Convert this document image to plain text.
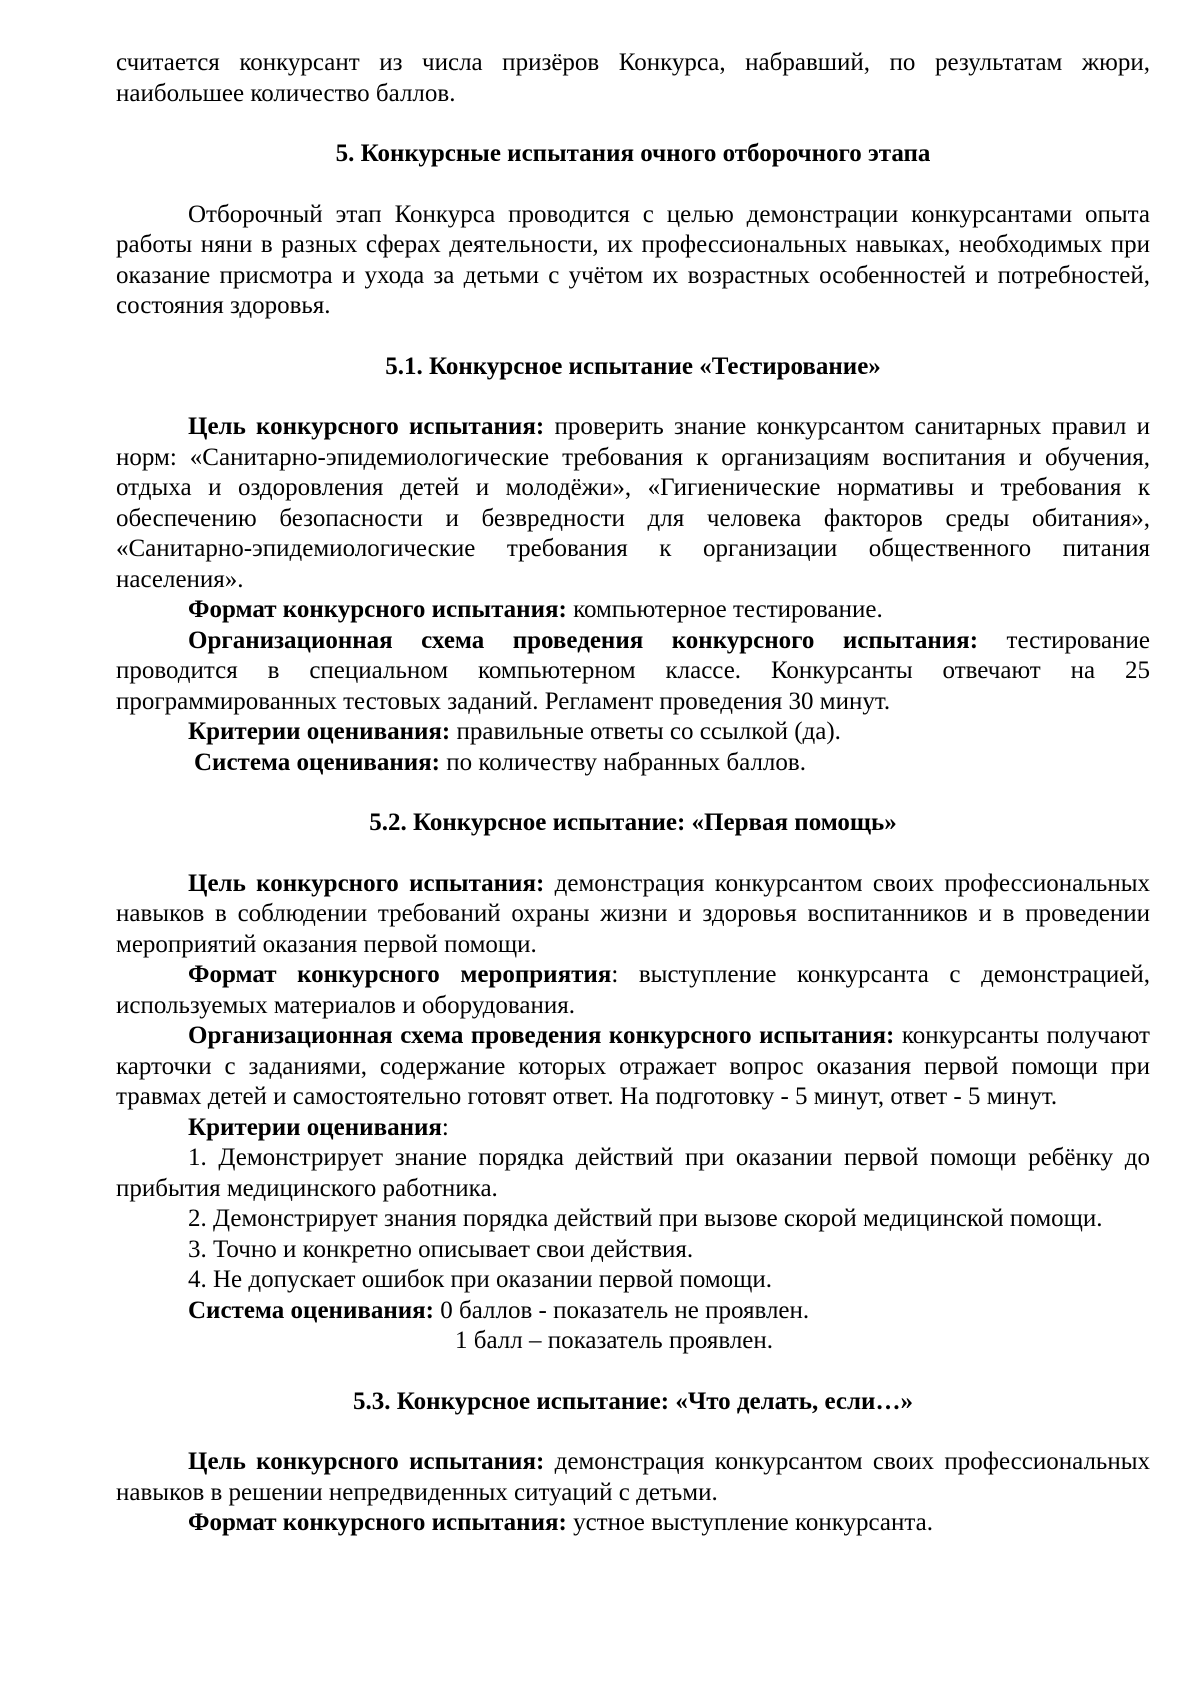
считается конкурсант из числа призёров Конкурса, набравший, по результатам жюри, наибольшее количество баллов.

5. Конкурсные испытания очного отборочного этапа

Отборочный этап Конкурса проводится с целью демонстрации конкурсантами опыта работы няни в разных сферах деятельности, их профессиональных навыках, необходимых при оказание присмотра и ухода за детьми с учётом их возрастных особенностей и потребностей, состояния здоровья.

5.1. Конкурсное испытание «Тестирование»

Цель конкурсного испытания: проверить знание конкурсантом санитарных правил и норм: «Санитарно-эпидемиологические требования к организациям воспитания и обучения, отдыха и оздоровления детей и молодёжи», «Гигиенические нормативы и требования к обеспечению безопасности и безвредности для человека факторов среды обитания», «Санитарно-эпидемиологические требования к организации общественного питания населения».

Формат конкурсного испытания: компьютерное тестирование.

Организационная схема проведения конкурсного испытания: тестирование проводится в специальном компьютерном классе. Конкурсанты отвечают на 25 программированных тестовых заданий. Регламент проведения 30 минут.

Критерии оценивания: правильные ответы со ссылкой (да).

Система оценивания: по количеству набранных баллов.

5.2. Конкурсное испытание: «Первая помощь»

Цель конкурсного испытания: демонстрация конкурсантом своих профессиональных навыков в соблюдении требований охраны жизни и здоровья воспитанников и в проведении мероприятий оказания первой помощи.

Формат конкурсного мероприятия: выступление конкурсанта с демонстрацией, используемых материалов и оборудования.

Организационная схема проведения конкурсного испытания: конкурсанты получают карточки с заданиями, содержание которых отражает вопрос оказания первой помощи при травмах детей и самостоятельно готовят ответ. На подготовку - 5 минут, ответ - 5 минут.

Критерии оценивания:

1. Демонстрирует знание порядка действий при оказании первой помощи ребёнку до прибытия медицинского работника.

2. Демонстрирует знания порядка действий при вызове скорой медицинской помощи.

3. Точно и конкретно описывает свои действия.

4. Не допускает ошибок при оказании первой помощи.

Система оценивания: 0 баллов - показатель не проявлен.

1 балл – показатель проявлен.

5.3. Конкурсное испытание: «Что делать, если…»

Цель конкурсного испытания: демонстрация конкурсантом своих профессиональных навыков в решении непредвиденных ситуаций с детьми.

Формат конкурсного испытания: устное выступление конкурсанта.
